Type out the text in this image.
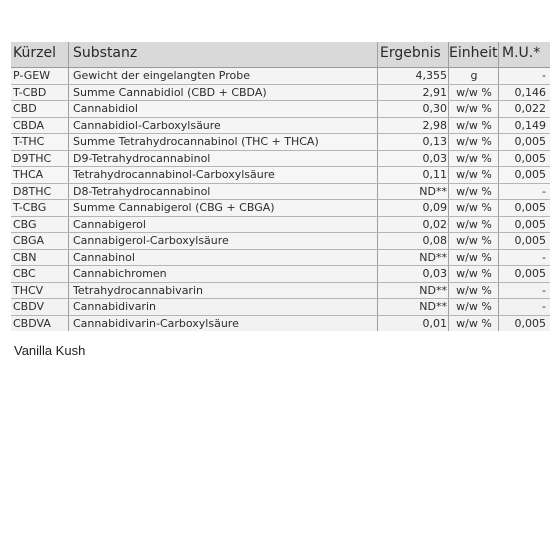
Kürzel Substanz	Ergebnis Einheit M.U.*
P-GEW Gewicht der eingelangten Probe	4,355	g	-
T-CBD Summe Cannabidiol (CBD + CBDA)	2,91 w/w %	0,146
CBD	Cannabidiol	0,30 w/w %	0,022
CBDA	Cannabidiol-Carboxylsäure	2,98 w/w %	0,149
T-THC	Summe Tetrahydrocannabinol (THC + THCA)	0,13 w/w %	0,005
D9THC D9-Tetrahydrocannabinol	0,03 w/w %	0,005
THCA	Tetrahydrocannabinol-Carboxylsäure	0,11 w/w %	0,005
D8THC D8-Tetrahydrocannabinol	ND** w/w %	-
T-CBG Summe Cannabigerol (CBG + CBGA)	0,09 w/w %	0,005
CBG	Cannabigerol	0,02 w/w %	0,005
CBGA	Cannabigerol-Carboxylsäure	0,08 w/w %	0,005
CBN	Cannabinol	ND** w/w %	-
CBC	Cannabichromen	0,03 w/w %	0,005
THCV	Tetrahydrocannabivarin	ND** w/w %	-
CBDV	Cannabidivarin	ND** w/w %	-
CBDVA Cannabidivarin-Carboxylsäure	0,01 w/w %	0,005
Vanilla Kush
